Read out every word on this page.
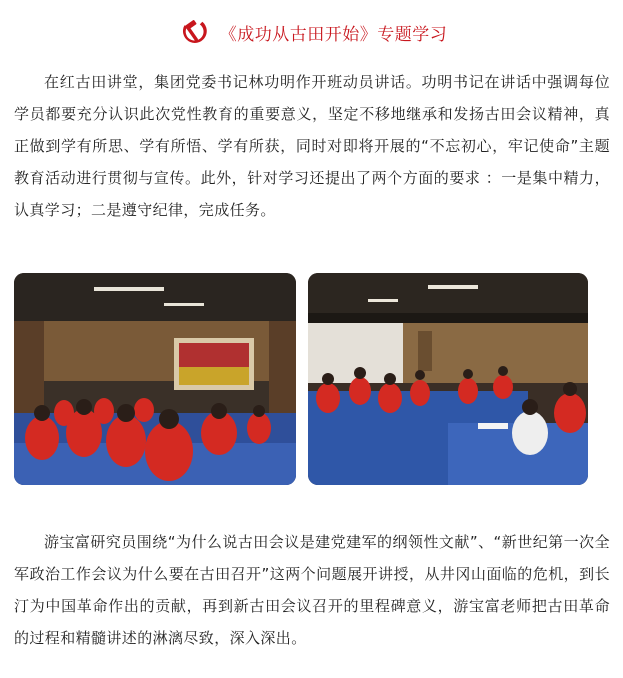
《成功从古田开始》专题学习

在红古田讲堂，集团党委书记林功明作开班动员讲话。功明书记在讲话中强调每位学员都要充分认识此次党性教育的重要意义，坚定不移地继承和发扬古田会议精神，真正做到学有所思、学有所悟、学有所获，同时对即将开展的“不忘初心，牢记使命”主题教育活动进行贯彻与宣传。此外，针对学习还提出了两个方面的要求 ：一是集中精力，认真学习；二是遵守纪律，完成任务。

游宝富研究员围绕“为什么说古田会议是建党建军的纲领性文献”、“新世纪第一次全军政治工作会议为什么要在古田召开”这两个问题展开讲授，从井冈山面临的危机，到长汀为中国革命作出的贡献，再到新古田会议召开的里程碑意义，游宝富老师把古田革命的过程和精髓讲述的淋漓尽致，深入深出。
